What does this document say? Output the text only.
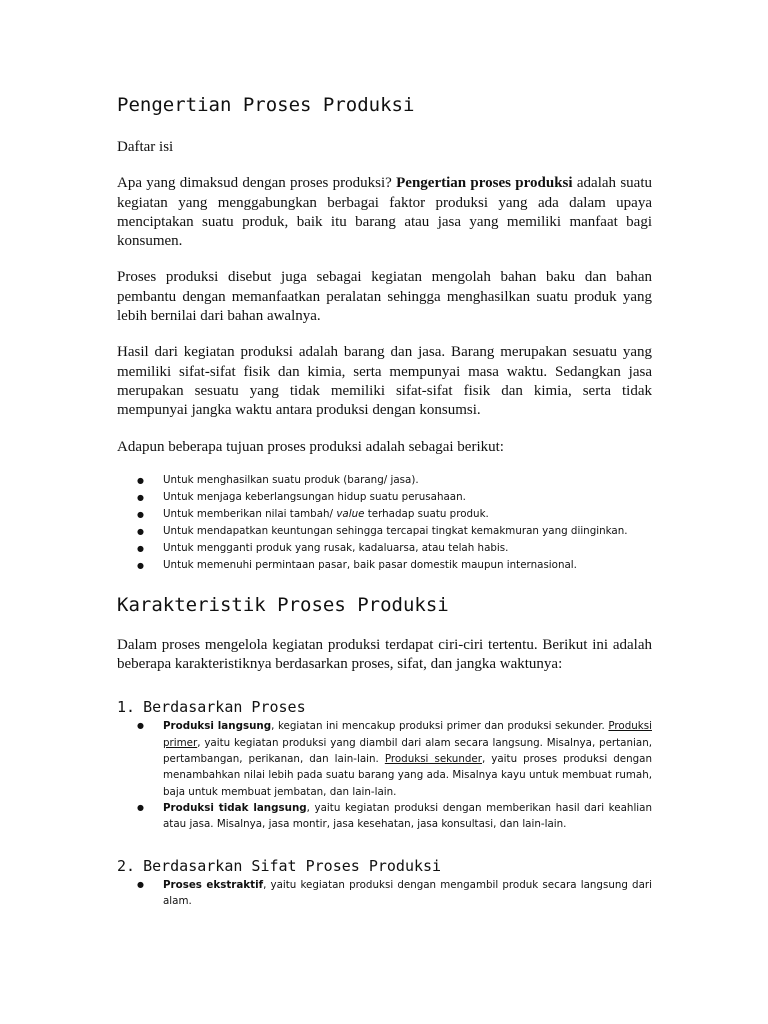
Pengertian Proses Produksi

Daftar isi

Apa yang dimaksud dengan proses produksi? Pengertian proses produksi adalah suatu kegiatan yang menggabungkan berbagai faktor produksi yang ada dalam upaya menciptakan suatu produk, baik itu barang atau jasa yang memiliki manfaat bagi konsumen.

Proses produksi disebut juga sebagai kegiatan mengolah bahan baku dan bahan pembantu dengan memanfaatkan peralatan sehingga menghasilkan suatu produk yang lebih bernilai dari bahan awalnya.

Hasil dari kegiatan produksi adalah barang dan jasa. Barang merupakan sesuatu yang memiliki sifat-sifat fisik dan kimia, serta mempunyai masa waktu. Sedangkan jasa merupakan sesuatu yang tidak memiliki sifat-sifat fisik dan kimia, serta tidak mempunyai jangka waktu antara produksi dengan konsumsi.

Adapun beberapa tujuan proses produksi adalah sebagai berikut:

● Untuk menghasilkan suatu produk (barang/ jasa).
● Untuk menjaga keberlangsungan hidup suatu perusahaan.
● Untuk memberikan nilai tambah/ value terhadap suatu produk.
● Untuk mendapatkan keuntungan sehingga tercapai tingkat kemakmuran yang diinginkan.
● Untuk mengganti produk yang rusak, kadaluarsa, atau telah habis.
● Untuk memenuhi permintaan pasar, baik pasar domestik maupun internasional.
Karakteristik Proses Produksi

Dalam proses mengelola kegiatan produksi terdapat ciri-ciri tertentu. Berikut ini adalah beberapa karakteristiknya berdasarkan proses, sifat, dan jangka waktunya:

1. Berdasarkan Proses
● Produksi langsung, kegiatan ini mencakup produksi primer dan produksi sekunder. Produksi primer, yaitu kegiatan produksi yang diambil dari alam secara langsung. Misalnya, pertanian, pertambangan, perikanan, dan lain-lain. Produksi sekunder, yaitu proses produksi dengan menambahkan nilai lebih pada suatu barang yang ada. Misalnya kayu untuk membuat rumah, baja untuk membuat jembatan, dan lain-lain.
● Produksi tidak langsung, yaitu kegiatan produksi dengan memberikan hasil dari keahlian atau jasa. Misalnya, jasa montir, jasa kesehatan, jasa konsultasi, dan lain-lain.
2. Berdasarkan Sifat Proses Produksi
● Proses ekstraktif, yaitu kegiatan produksi dengan mengambil produk secara langsung dari alam.
